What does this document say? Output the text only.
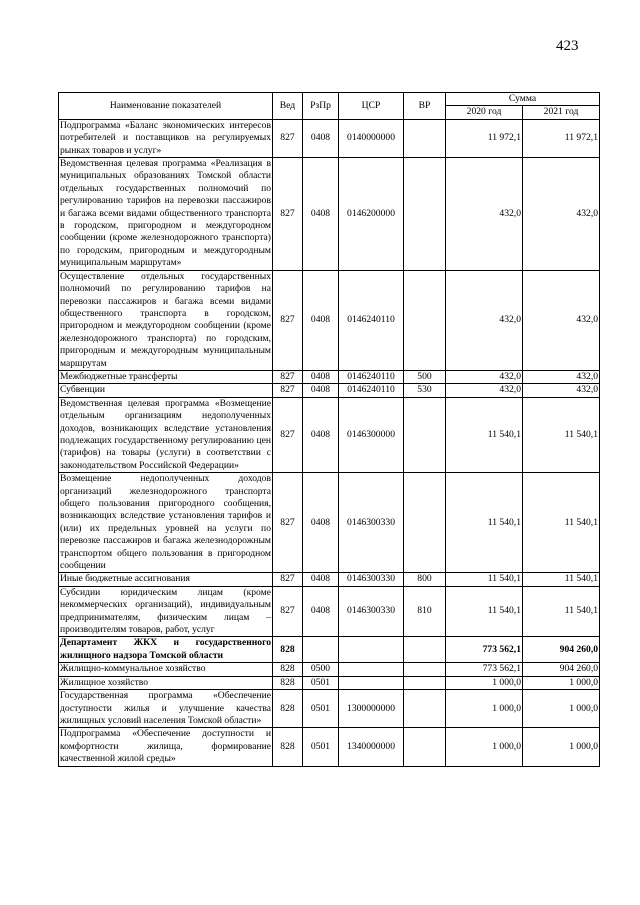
423
Наименование показателей	Вед	РзПр	ЦСР	ВР	Сумма	
					2020 год	2021 год
Подпрограмма «Баланс экономических интересов потребителей и поставщиков на регулируемых рынках товаров и услуг»	827	0408	0140000000		11 972,1	11 972,1
Ведомственная целевая программа «Реализация в муниципальных образованиях Томской области отдельных государственных полномочий по регулированию тарифов на перевозки пассажиров и багажа всеми видами общественного транспорта в городском, пригородном и междугородном сообщении (кроме железнодорожного транспорта) по городским, пригородным и междугородным муниципальным маршрутам»	827	0408	0146200000		432,0	432,0
Осуществление отдельных государственных полномочий по регулированию тарифов на перевозки пассажиров и багажа всеми видами общественного транспорта в городском, пригородном и междугородном сообщении (кроме железнодорожного транспорта) по городским, пригородным и междугородным муниципальным маршрутам	827	0408	0146240110		432,0	432,0
Межбюджетные трансферты	827	0408	0146240110	500	432,0	432,0
Субвенции	827	0408	0146240110	530	432,0	432,0
Ведомственная целевая программа «Возмещение отдельным организациям недополученных доходов, возникающих вследствие установления подлежащих государственному регулированию цен (тарифов) на товары (услуги) в соответствии с законодательством Российской Федерации»	827	0408	0146300000		11 540,1	11 540,1
Возмещение недополученных доходов организаций железнодорожного транспорта общего пользования пригородного сообщения, возникающих вследствие установления тарифов и (или) их предельных уровней на услуги по перевозке пассажиров и багажа железнодорожным транспортом общего пользования в пригородном сообщении	827	0408	0146300330		11 540,1	11 540,1
Иные бюджетные ассигнования	827	0408	0146300330	800	11 540,1	11 540,1
Субсидии юридическим лицам (кроме некоммерческих организаций), индивидуальным предпринимателям, физическим лицам – производителям товаров, работ, услуг	827	0408	0146300330	810	11 540,1	11 540,1
Департамент ЖКХ и государственного жилищного надзора Томской области	828				773 562,1	904 260,0
Жилищно-коммунальное хозяйство	828	0500			773 562,1	904 260,0
Жилищное хозяйство	828	0501			1 000,0	1 000,0
Государственная программа «Обеспечение доступности жилья и улучшение качества жилищных условий населения Томской области»	828	0501	1300000000		1 000,0	1 000,0
Подпрограмма «Обеспечение доступности и комфортности жилища, формирование качественной жилой среды»	828	0501	1340000000		1 000,0	1 000,0
